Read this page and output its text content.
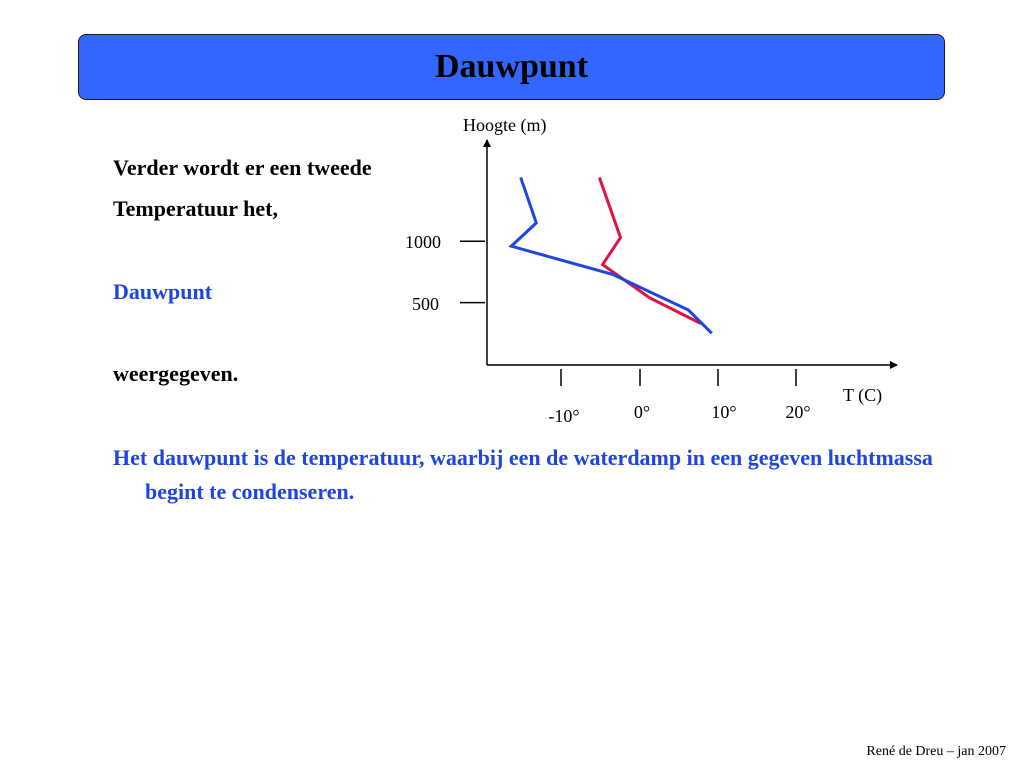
Dauwpunt
Verder wordt er een tweede
Temperatuur het,
Dauwpunt
weergegeven.
Hoogte (m)
T (C)
1000
500
-10°	0°	10°	20°
Het dauwpunt is de temperatuur, waarbij een de waterdamp in een gegeven luchtmassa begint te condenseren.
René de Dreu – jan 2007
